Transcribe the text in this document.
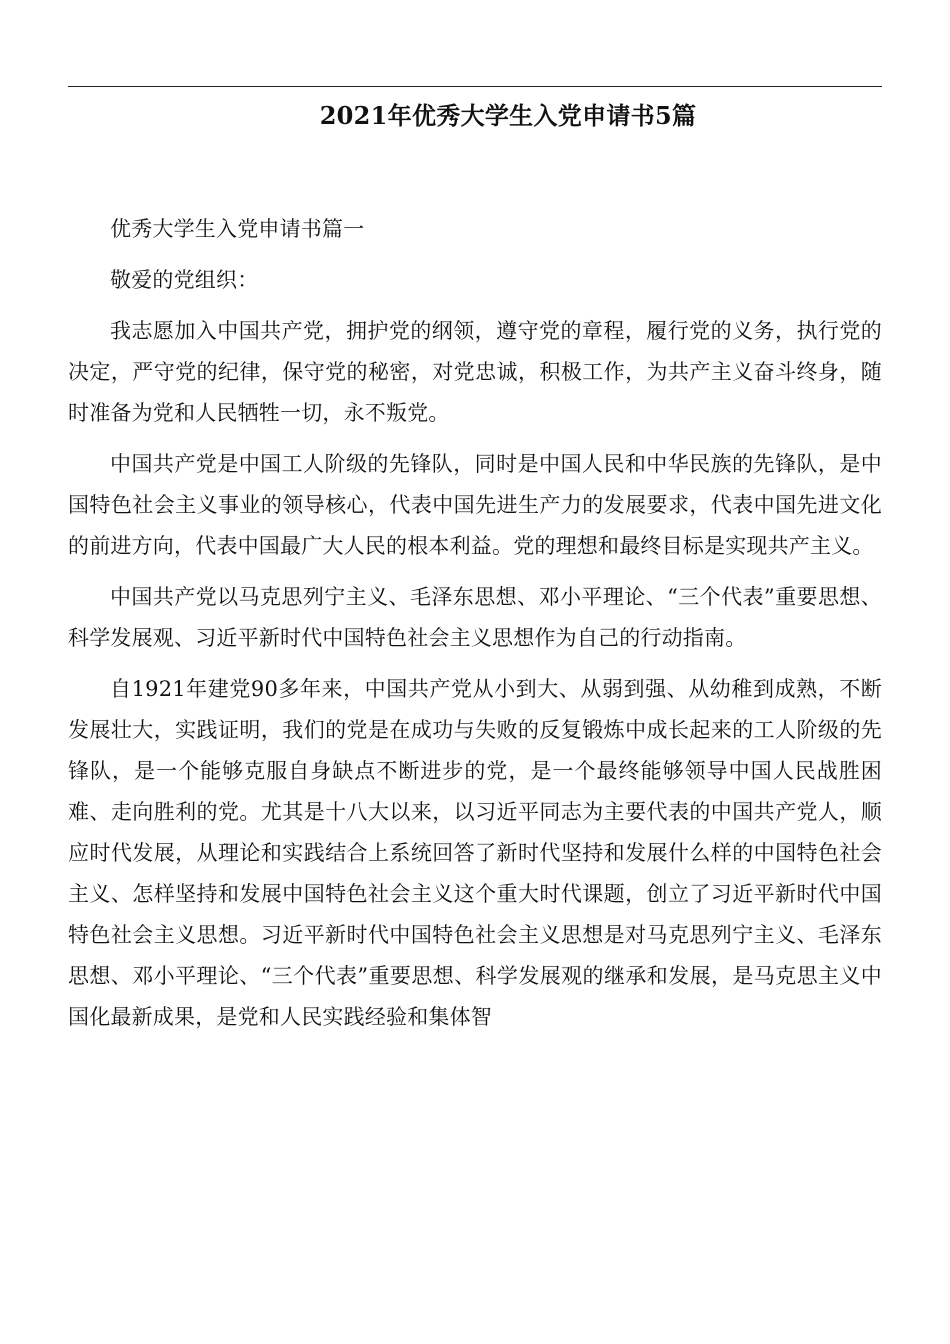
2021年优秀大学生入党申请书5篇

优秀大学生入党申请书篇一

敬爱的党组织：

我志愿加入中国共产党，拥护党的纲领，遵守党的章程，履行党的义务，执行党的决定，严守党的纪律，保守党的秘密，对党忠诚，积极工作，为共产主义奋斗终身，随时准备为党和人民牺牲一切，永不叛党。

中国共产党是中国工人阶级的先锋队，同时是中国人民和中华民族的先锋队，是中国特色社会主义事业的领导核心，代表中国先进生产力的发展要求，代表中国先进文化的前进方向，代表中国最广大人民的根本利益。党的理想和最终目标是实现共产主义。

中国共产党以马克思列宁主义、毛泽东思想、邓小平理论、“三个代表”重要思想、科学发展观、习近平新时代中国特色社会主义思想作为自己的行动指南。

自1921年建党90多年来，中国共产党从小到大、从弱到强、从幼稚到成熟，不断发展壮大，实践证明，我们的党是在成功与失败的反复锻炼中成长起来的工人阶级的先锋队，是一个能够克服自身缺点不断进步的党，是一个最终能够领导中国人民战胜困难、走向胜利的党。尤其是十八大以来，以习近平同志为主要代表的中国共产党人，顺应时代发展，从理论和实践结合上系统回答了新时代坚持和发展什么样的中国特色社会主义、怎样坚持和发展中国特色社会主义这个重大时代课题，创立了习近平新时代中国特色社会主义思想。习近平新时代中国特色社会主义思想是对马克思列宁主义、毛泽东思想、邓小平理论、“三个代表”重要思想、科学发展观的继承和发展，是马克思主义中国化最新成果，是党和人民实践经验和集体智
